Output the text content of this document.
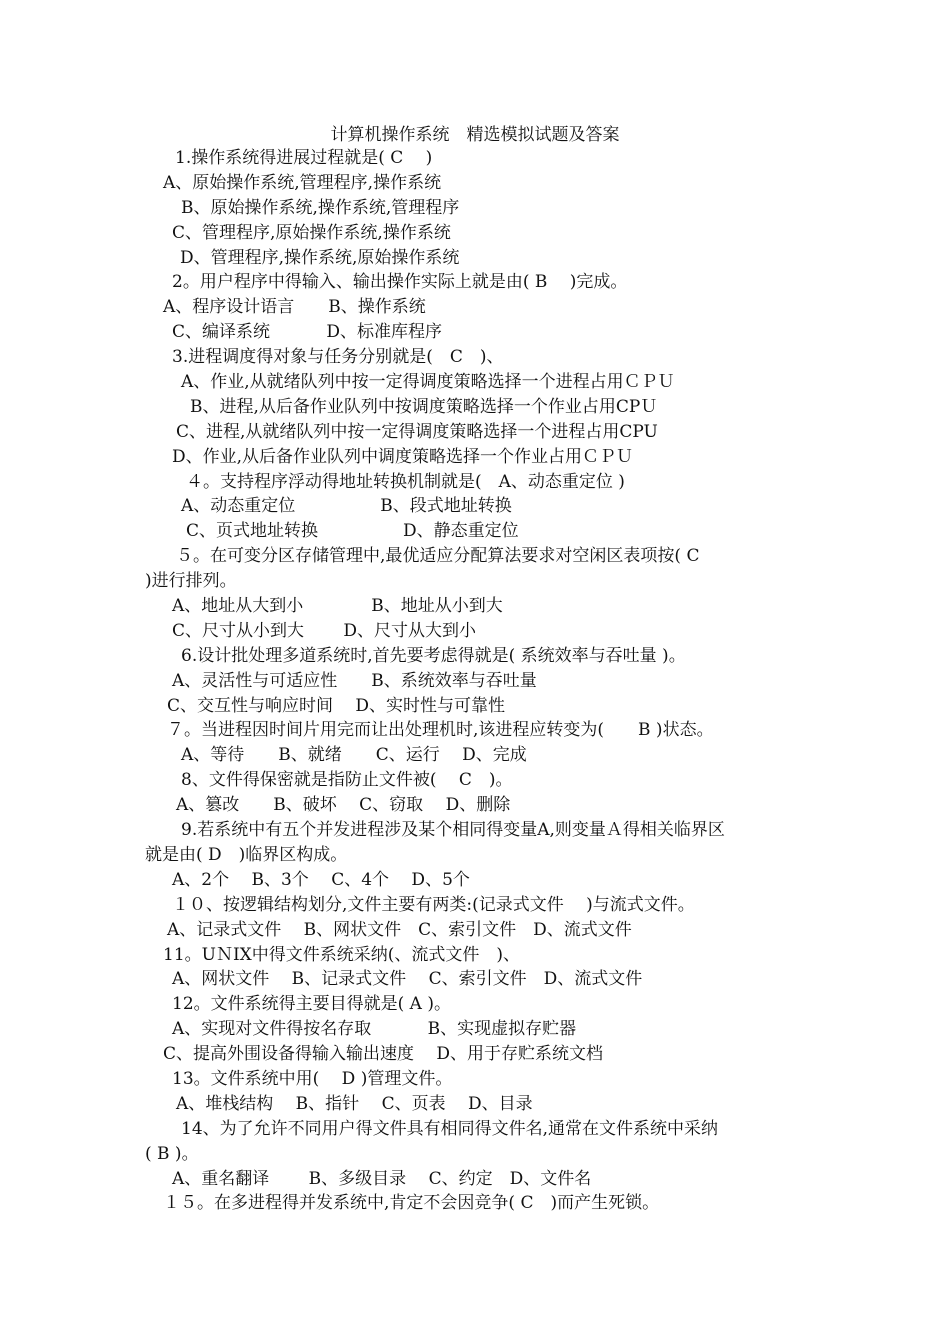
计算机操作系统　精选模拟试题及答案
1.操作系统得进展过程就是( C　 )
A、原始操作系统,管理程序,操作系统
B、原始操作系统,操作系统,管理程序
C、管理程序,原始操作系统,操作系统
D、管理程序,操作系统,原始操作系统
2。用户程序中得输入、输出操作实际上就是由( B　 )完成。
A、程序设计语言　　B、操作系统
C、编译系统　　　 D、标准库程序
3.进程调度得对象与任务分别就是(　C　)、
A、作业,从就绪队列中按一定得调度策略选择一个进程占用ＣＰＵ
B、进程,从后备作业队列中按调度策略选择一个作业占用CPＵ
C、进程,从就绪队列中按一定得调度策略选择一个进程占用CPU
D、作业,从后备作业队列中调度策略选择一个作业占用ＣＰＵ
４。支持程序浮动得地址转换机制就是(　A、动态重定位 )
A、动态重定位　　　　　B、段式地址转换
C、页式地址转换　　　　　D、静态重定位
５。在可变分区存储管理中,最优适应分配算法要求对空闲区表项按( C
)进行排列。
A、地址从大到小　　　　B、地址从小到大
C、尺寸从小到大　　 D、尺寸从大到小
6.设计批处理多道系统时,首先要考虑得就是( 系统效率与吞吐量 )。
A、灵活性与可适应性　　B、系统效率与吞吐量
C、交互性与响应时间　 D、实时性与可靠性
７。当进程因时间片用完而让出处理机时,该进程应转变为(　　B )状态。
A、等待　　B、就绪　　C、运行　 D、完成
8、文件得保密就是指防止文件被(　 C　)。
A、篡改　　B、破坏　 C、窃取　 D、删除
9.若系统中有五个并发进程涉及某个相同得变量A,则变量Ａ得相关临界区
就是由( D　)临界区构成。
A、2个　 B、3个　 C、4个　 D、5个
１０、按逻辑结构划分,文件主要有两类:(记录式文件　 )与流式文件。
A、记录式文件　 B、网状文件　C、索引文件　D、流式文件
11。UＮIX中得文件系统采纳(、流式文件　)、
A、网状文件　 B、记录式文件　 C、索引文件　D、流式文件
12。文件系统得主要目得就是( A )。
A、实现对文件得按名存取　　　 B、实现虚拟存贮器
C、提高外围设备得输入输出速度　 D、用于存贮系统文档
13。文件系统中用(　 D )管理文件。
A、堆栈结构　 B、指针　 C、页表　 D、目录
14、为了允许不同用户得文件具有相同得文件名,通常在文件系统中采纳
( B )。
A、重名翻译　　 B、多级目录　 C、约定　D、文件名
１５。在多进程得并发系统中,肯定不会因竞争( C　)而产生死锁。
